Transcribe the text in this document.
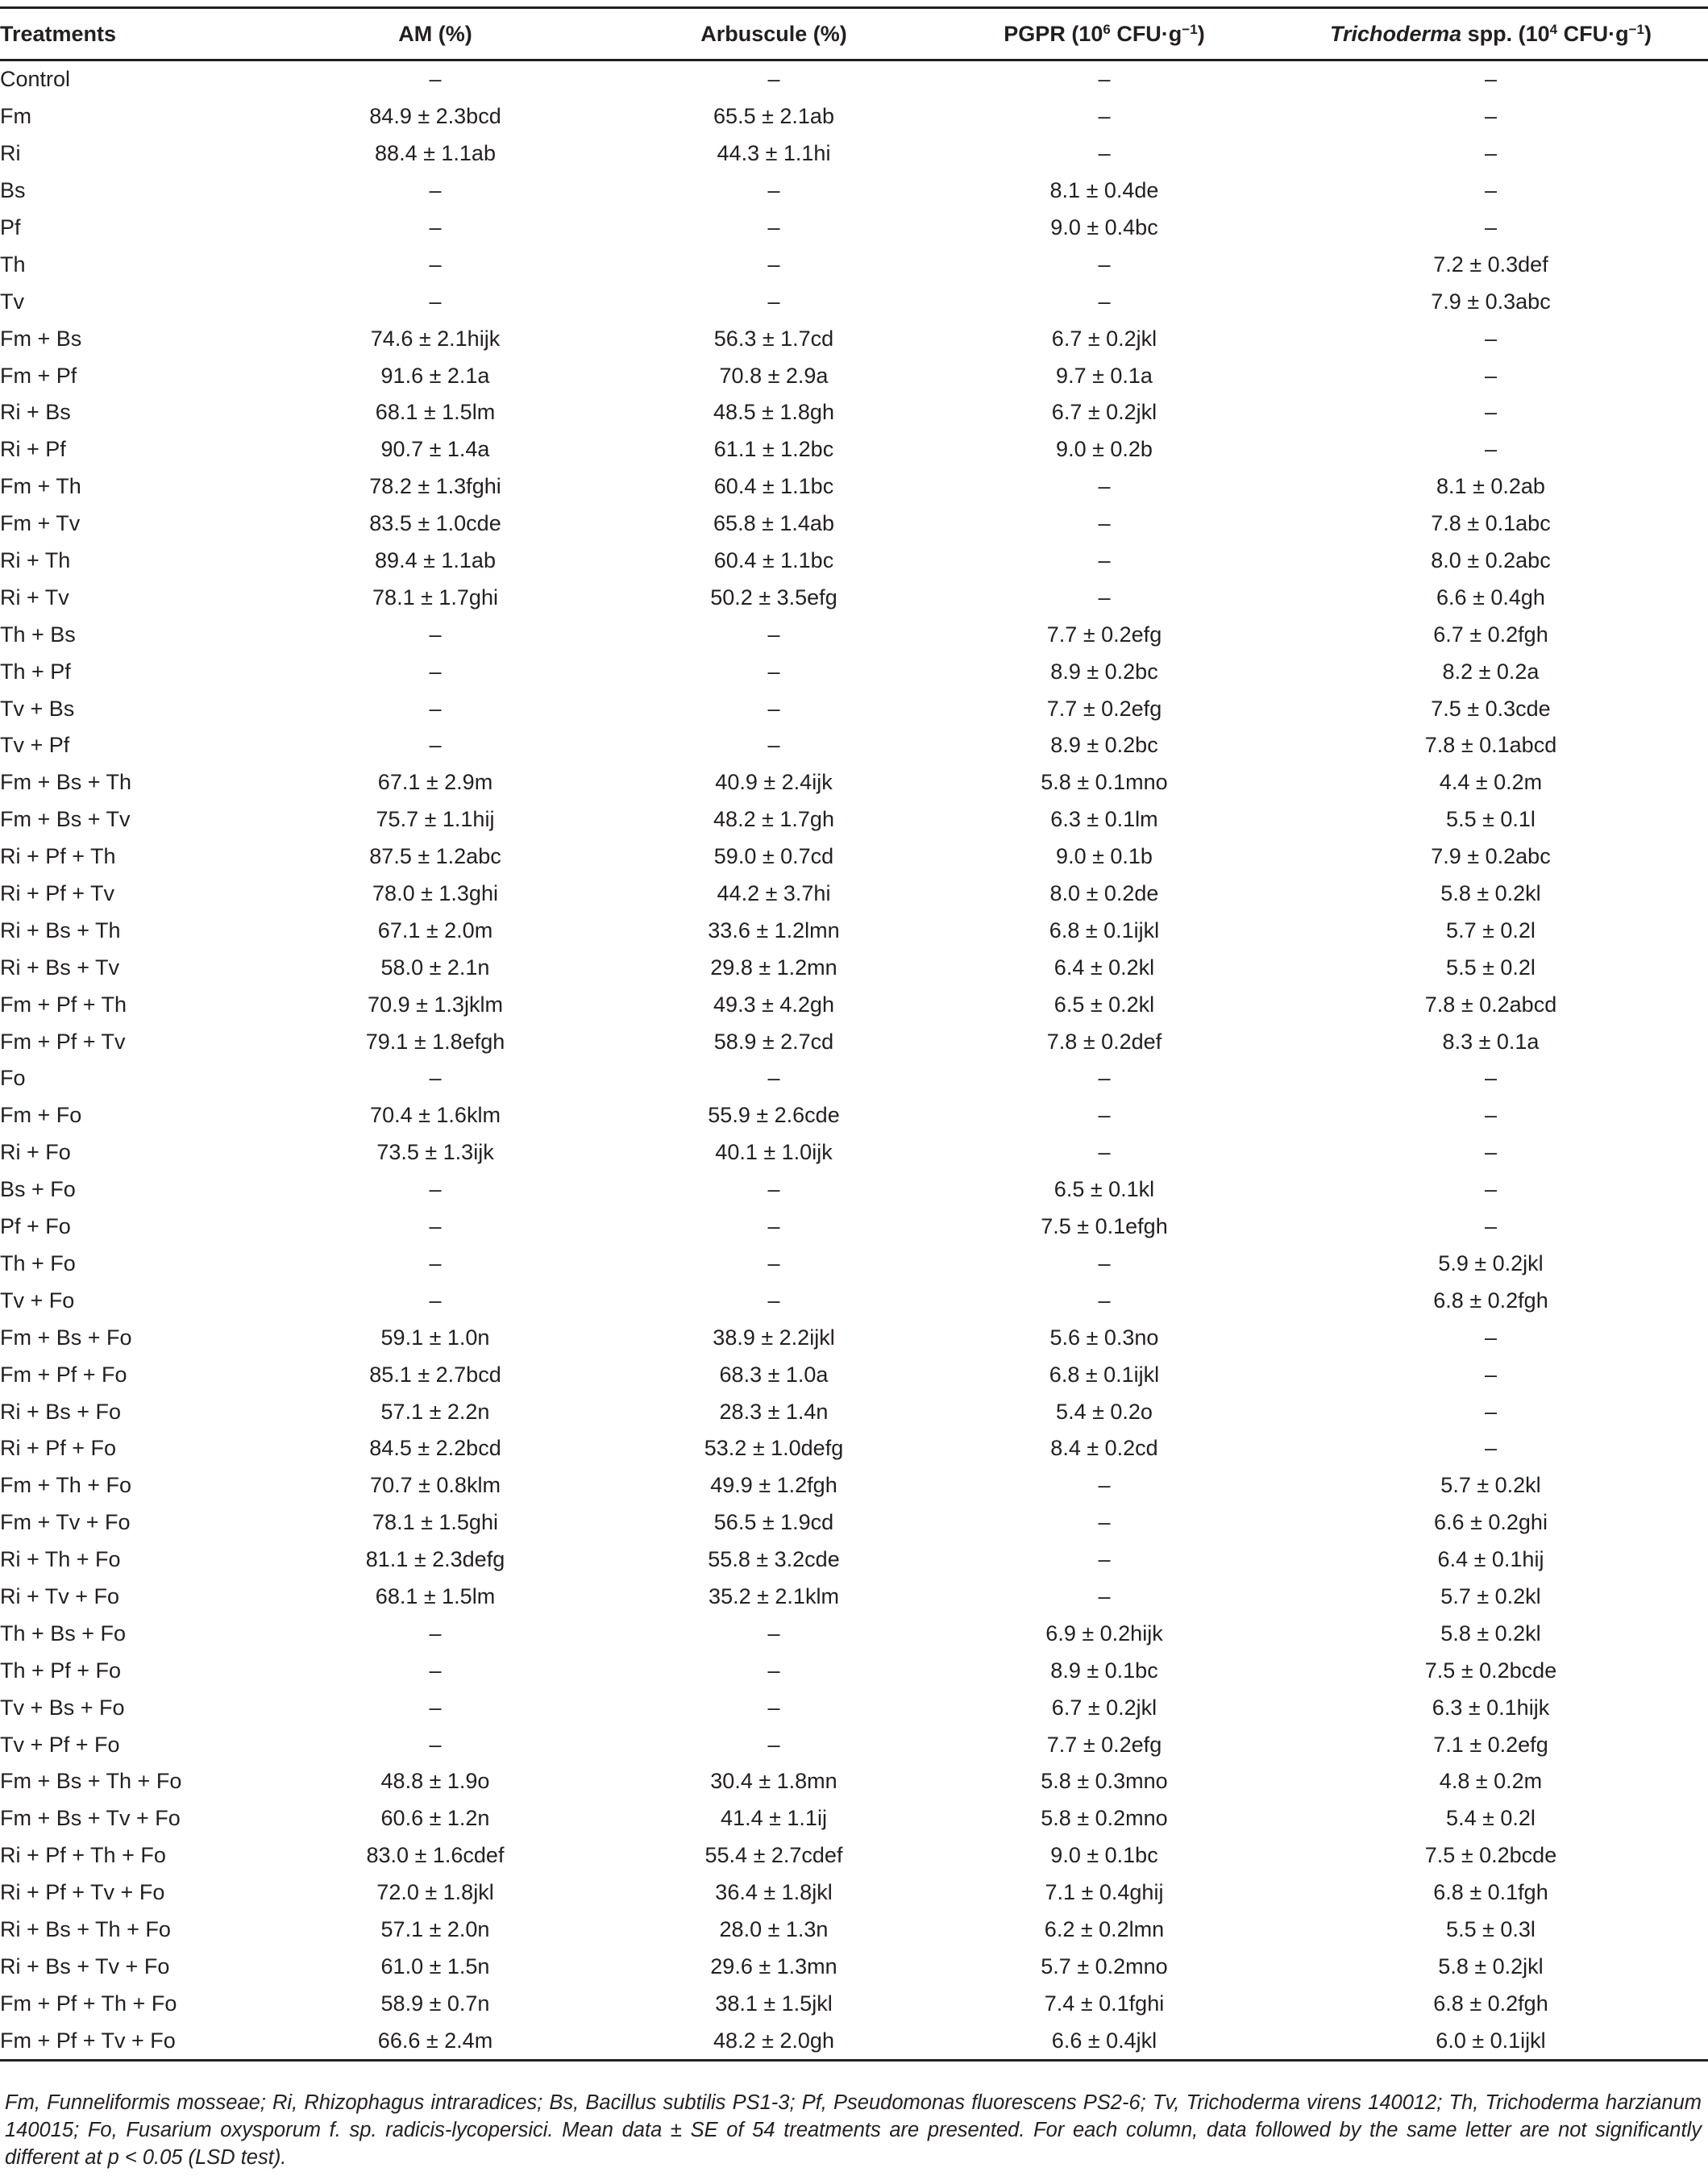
Treatments	AM (%)	Arbuscule (%)	PGPR ($10^6$ $CFU\cdot g^{-1}$)	Trichoderma spp. ($10^4$ $CFU\cdot g^{-1}$)
Control	–	–	–	–
Fm	84.9 ± 2.3bcd	65.5 ± 2.1ab	–	–
Ri	88.4 ± 1.1ab	44.3 ± 1.1hi	–	–
Bs	–	–	8.1 ± 0.4de	–
Pf	–	–	9.0 ± 0.4bc	–
Th	–	–	–	7.2 ± 0.3def
Tv	–	–	–	7.9 ± 0.3abc
Fm + Bs	74.6 ± 2.1hijk	56.3 ± 1.7cd	6.7 ± 0.2jkl	–
Fm + Pf	91.6 ± 2.1a	70.8 ± 2.9a	9.7 ± 0.1a	–
Ri + Bs	68.1 ± 1.5lm	48.5 ± 1.8gh	6.7 ± 0.2jkl	–
Ri + Pf	90.7 ± 1.4a	61.1 ± 1.2bc	9.0 ± 0.2b	–
Fm + Th	78.2 ± 1.3fghi	60.4 ± 1.1bc	–	8.1 ± 0.2ab
Fm + Tv	83.5 ± 1.0cde	65.8 ± 1.4ab	–	7.8 ± 0.1abc
Ri + Th	89.4 ± 1.1ab	60.4 ± 1.1bc	–	8.0 ± 0.2abc
Ri + Tv	78.1 ± 1.7ghi	50.2 ± 3.5efg	–	6.6 ± 0.4gh
Th + Bs	–	–	7.7 ± 0.2efg	6.7 ± 0.2fgh
Th + Pf	–	–	8.9 ± 0.2bc	8.2 ± 0.2a
Tv + Bs	–	–	7.7 ± 0.2efg	7.5 ± 0.3cde
Tv + Pf	–	–	8.9 ± 0.2bc	7.8 ± 0.1abcd
Fm + Bs + Th	67.1 ± 2.9m	40.9 ± 2.4ijk	5.8 ± 0.1mno	4.4 ± 0.2m
Fm + Bs + Tv	75.7 ± 1.1hij	48.2 ± 1.7gh	6.3 ± 0.1lm	5.5 ± 0.1l
Ri + Pf + Th	87.5 ± 1.2abc	59.0 ± 0.7cd	9.0 ± 0.1b	7.9 ± 0.2abc
Ri + Pf + Tv	78.0 ± 1.3ghi	44.2 ± 3.7hi	8.0 ± 0.2de	5.8 ± 0.2kl
Ri + Bs + Th	67.1 ± 2.0m	33.6 ± 1.2lmn	6.8 ± 0.1ijkl	5.7 ± 0.2l
Ri + Bs + Tv	58.0 ± 2.1n	29.8 ± 1.2mn	6.4 ± 0.2kl	5.5 ± 0.2l
Fm + Pf + Th	70.9 ± 1.3jklm	49.3 ± 4.2gh	6.5 ± 0.2kl	7.8 ± 0.2abcd
Fm + Pf + Tv	79.1 ± 1.8efgh	58.9 ± 2.7cd	7.8 ± 0.2def	8.3 ± 0.1a
Fo	–	–	–	–
Fm + Fo	70.4 ± 1.6klm	55.9 ± 2.6cde	–	–
Ri + Fo	73.5 ± 1.3ijk	40.1 ± 1.0ijk	–	–
Bs + Fo	–	–	6.5 ± 0.1kl	–
Pf + Fo	–	–	7.5 ± 0.1efgh	–
Th + Fo	–	–	–	5.9 ± 0.2jkl
Tv + Fo	–	–	–	6.8 ± 0.2fgh
Fm + Bs + Fo	59.1 ± 1.0n	38.9 ± 2.2ijkl	5.6 ± 0.3no	–
Fm + Pf + Fo	85.1 ± 2.7bcd	68.3 ± 1.0a	6.8 ± 0.1ijkl	–
Ri + Bs + Fo	57.1 ± 2.2n	28.3 ± 1.4n	5.4 ± 0.2o	–
Ri + Pf + Fo	84.5 ± 2.2bcd	53.2 ± 1.0defg	8.4 ± 0.2cd	–
Fm + Th + Fo	70.7 ± 0.8klm	49.9 ± 1.2fgh	–	5.7 ± 0.2kl
Fm + Tv + Fo	78.1 ± 1.5ghi	56.5 ± 1.9cd	–	6.6 ± 0.2ghi
Ri + Th + Fo	81.1 ± 2.3defg	55.8 ± 3.2cde	–	6.4 ± 0.1hij
Ri + Tv + Fo	68.1 ± 1.5lm	35.2 ± 2.1klm	–	5.7 ± 0.2kl
Th + Bs + Fo	–	–	6.9 ± 0.2hijk	5.8 ± 0.2kl
Th + Pf + Fo	–	–	8.9 ± 0.1bc	7.5 ± 0.2bcde
Tv + Bs + Fo	–	–	6.7 ± 0.2jkl	6.3 ± 0.1hijk
Tv + Pf + Fo	–	–	7.7 ± 0.2efg	7.1 ± 0.2efg
Fm + Bs + Th + Fo	48.8 ± 1.9o	30.4 ± 1.8mn	5.8 ± 0.3mno	4.8 ± 0.2m
Fm + Bs + Tv + Fo	60.6 ± 1.2n	41.4 ± 1.1ij	5.8 ± 0.2mno	5.4 ± 0.2l
Ri + Pf + Th + Fo	83.0 ± 1.6cdef	55.4 ± 2.7cdef	9.0 ± 0.1bc	7.5 ± 0.2bcde
Ri + Pf + Tv + Fo	72.0 ± 1.8jkl	36.4 ± 1.8jkl	7.1 ± 0.4ghij	6.8 ± 0.1fgh
Ri + Bs + Th + Fo	57.1 ± 2.0n	28.0 ± 1.3n	6.2 ± 0.2lmn	5.5 ± 0.3l
Ri + Bs + Tv + Fo	61.0 ± 1.5n	29.6 ± 1.3mn	5.7 ± 0.2mno	5.8 ± 0.2jkl
Fm + Pf + Th + Fo	58.9 ± 0.7n	38.1 ± 1.5jkl	7.4 ± 0.1fghi	6.8 ± 0.2fgh
Fm + Pf + Tv + Fo	66.6 ± 2.4m	48.2 ± 2.0gh	6.6 ± 0.4jkl	6.0 ± 0.1ijkl

Fm, Funneliformis mosseae; Ri, Rhizophagus intraradices; Bs, Bacillus subtilis PS1-3; Pf, Pseudomonas fluorescens PS2-6; Tv, Trichoderma virens 140012; Th, Trichoderma harzianum 140015; Fo, Fusarium oxysporum f. sp. radicis-lycopersici. Mean data ± SE of 54 treatments are presented. For each column, data followed by the same letter are not significantly different at p < 0.05 (LSD test).
